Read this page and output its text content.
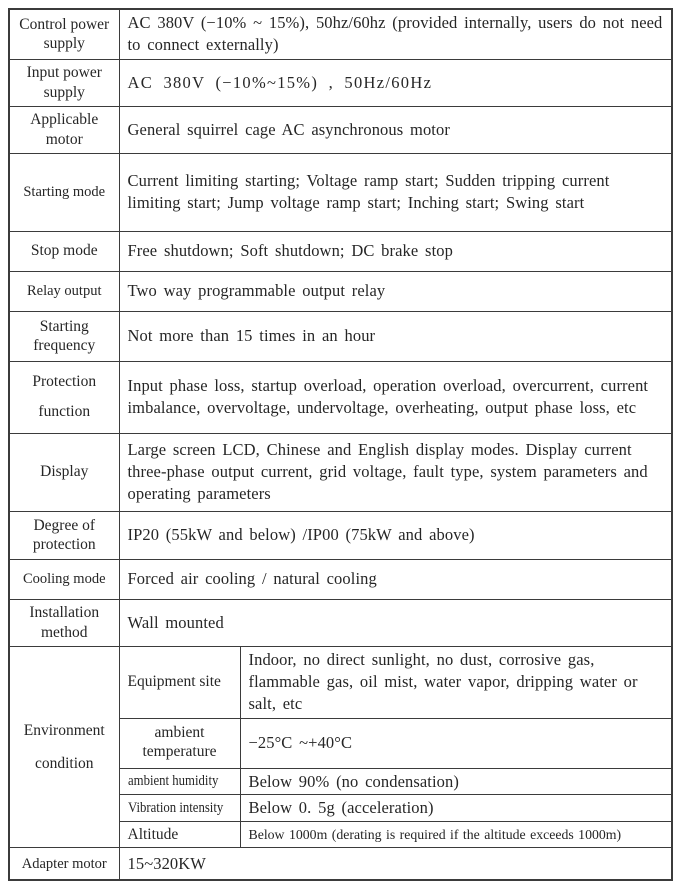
Control power supply	AC 380V (−10% ~ 15%), 50hz/60hz (provided internally, users do not need to connect externally)	
Input power supply	AC 380V (−10%~15%) , 50Hz/60Hz	
Applicable motor	General squirrel cage AC asynchronous motor	
Starting mode	Current limiting starting; Voltage ramp start; Sudden tripping current limiting start; Jump voltage ramp start; Inching start; Swing start	
Stop mode	Free shutdown; Soft shutdown; DC brake stop	
Relay output	Two way programmable output relay	
Starting frequency	Not more than 15 times in an hour	
Protection function	Input phase loss, startup overload, operation overload, overcurrent, current imbalance, overvoltage, undervoltage, overheating, output phase loss, etc	
Display	Large screen LCD, Chinese and English display modes. Display current three-phase output current, grid voltage, fault type, system parameters and operating parameters	
Degree of protection	IP20 (55kW and below) /IP00 (75kW and above)	
Cooling mode	Forced air cooling / natural cooling	
Installation method	Wall mounted	
Environment condition	Equipment site	Indoor, no direct sunlight, no dust, corrosive gas, flammable gas, oil mist, water vapor, dripping water or salt, etc
	ambient temperature	−25°C ~+40°C
	ambient humidity	Below 90% (no condensation)
	Vibration intensity	Below 0. 5g (acceleration)
	Altitude	Below 1000m (derating is required if the altitude exceeds 1000m)
Adapter motor	15~320KW	
